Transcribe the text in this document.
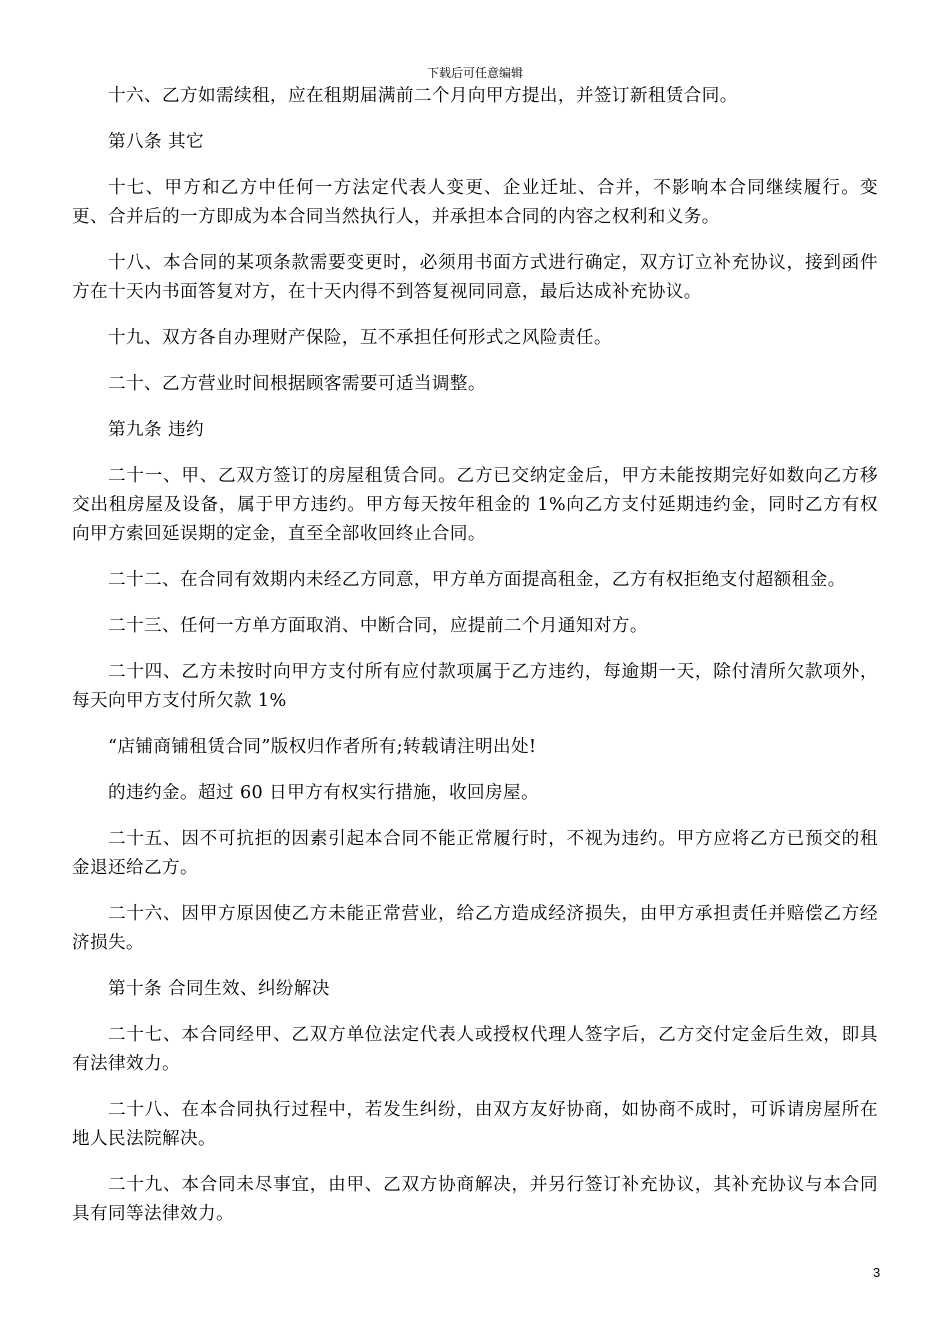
下载后可任意编辑

十六、乙方如需续租，应在租期届满前二个月向甲方提出，并签订新租赁合同。

第八条 其它

十七、甲方和乙方中任何一方法定代表人变更、企业迁址、合并，不影响本合同继续履行。变更、合并后的一方即成为本合同当然执行人，并承担本合同的内容之权利和义务。

十八、本合同的某项条款需要变更时，必须用书面方式进行确定，双方订立补充协议，接到函件方在十天内书面答复对方，在十天内得不到答复视同同意，最后达成补充协议。

十九、双方各自办理财产保险，互不承担任何形式之风险责任。

二十、乙方营业时间根据顾客需要可适当调整。

第九条 违约

二十一、甲、乙双方签订的房屋租赁合同。乙方已交纳定金后，甲方未能按期完好如数向乙方移交出租房屋及设备，属于甲方违约。甲方每天按年租金的 1%向乙方支付延期违约金，同时乙方有权向甲方索回延误期的定金，直至全部收回终止合同。

二十二、在合同有效期内未经乙方同意，甲方单方面提高租金，乙方有权拒绝支付超额租金。

二十三、任何一方单方面取消、中断合同，应提前二个月通知对方。

二十四、乙方未按时向甲方支付所有应付款项属于乙方违约，每逾期一天，除付清所欠款项外，每天向甲方支付所欠款 1%

“店铺商铺租赁合同”版权归作者所有;转载请注明出处!

的违约金。超过 60 日甲方有权实行措施，收回房屋。

二十五、因不可抗拒的因素引起本合同不能正常履行时，不视为违约。甲方应将乙方已预交的租金退还给乙方。

二十六、因甲方原因使乙方未能正常营业，给乙方造成经济损失，由甲方承担责任并赔偿乙方经济损失。

第十条 合同生效、纠纷解决

二十七、本合同经甲、乙双方单位法定代表人或授权代理人签字后，乙方交付定金后生效，即具有法律效力。

二十八、在本合同执行过程中，若发生纠纷，由双方友好协商，如协商不成时，可诉请房屋所在地人民法院解决。

二十九、本合同未尽事宜，由甲、乙双方协商解决，并另行签订补充协议，其补充协议与本合同具有同等法律效力。

3
